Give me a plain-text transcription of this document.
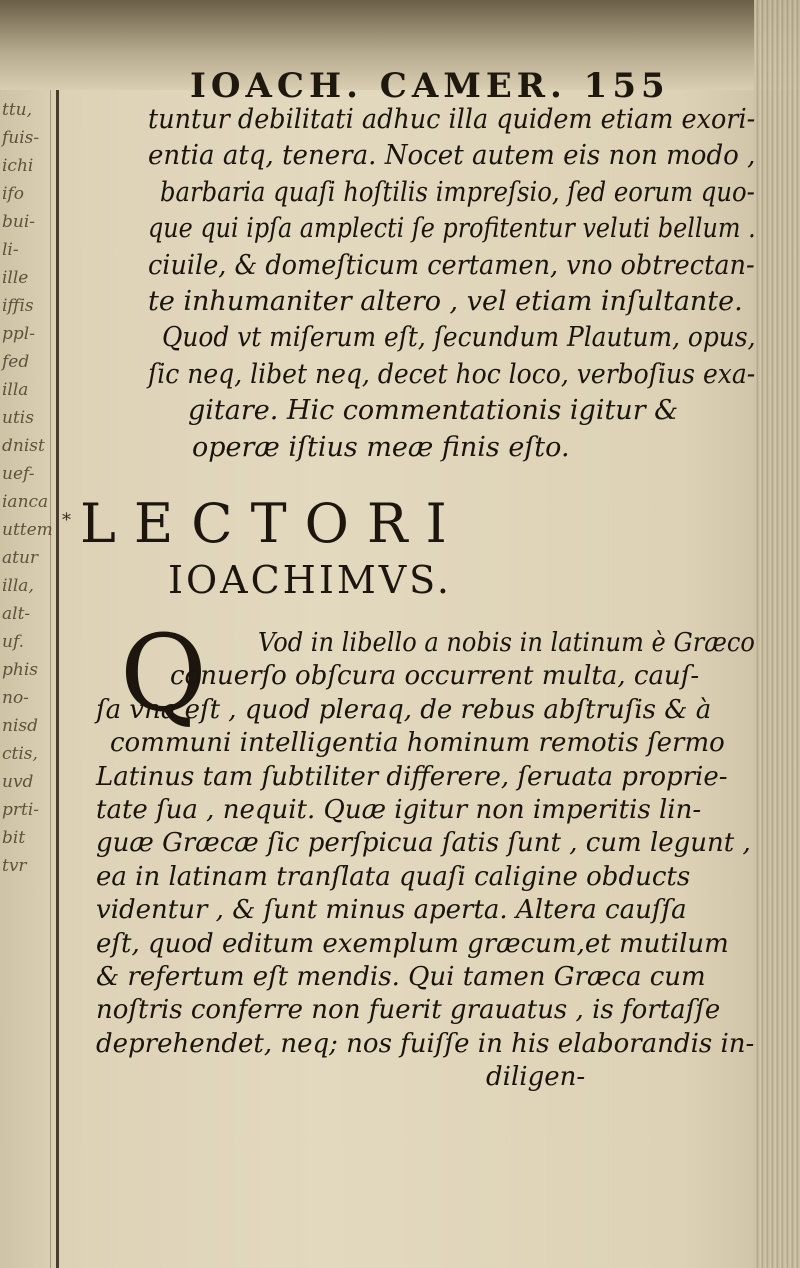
ttu,
fuis-
ichi
ifo
bui-
li-
ille
iffis
ppl-
fed
illa
utis
dnist
uef-
ianca
uttem
atur
illa,
alt-
uf.
phis
no-
nisd
ctis,
uvd
prti-
bit
tvr
IOACH. CAMER. 155
⁎ LECTORI
IOACHIMVS.
Q
tuntur debilitati adhuc illa quidem etiam exori-
entia atq, tenera. Nocet autem eis non modo ,
barbaria quaſi hoſtilis impreſsio, ſed eorum quo-
que qui ipſa amplecti ſe profitentur veluti bellum .
ciuile, & domeſticum certamen, vno obtrectan-
te inhumaniter altero , vel etiam inſultante.
Quod vt miſerum eſt, ſecundum Plautum, opus,
ſic neq, libet neq, decet hoc loco, verboſius exa-
gitare. Hic commentationis igitur &
operæ iſtius meæ finis eſto.
Vod in libello a nobis in latinum è Græco
conuerſo obſcura occurrent multa, cauſ-
ſa vna eſt , quod pleraq, de rebus abſtruſis & à
communi intelligentia hominum remotis ſermo
Latinus tam ſubtiliter differere, ſeruata proprie-
tate ſua , nequit. Quæ igitur non imperitis lin-
guæ Græcæ ſic perſpicua ſatis ſunt , cum legunt ,
ea in latinam tranſlata quaſi caligine obducts
videntur , & ſunt minus aperta. Altera cauſſa
eſt, quod editum exemplum græcum,et mutilum
& refertum eſt mendis. Qui tamen Græca cum
noſtris conferre non fuerit grauatus , is fortaſſe
deprehendet, neq; nos fuiſſe in his elaborandis in-
diligen-
